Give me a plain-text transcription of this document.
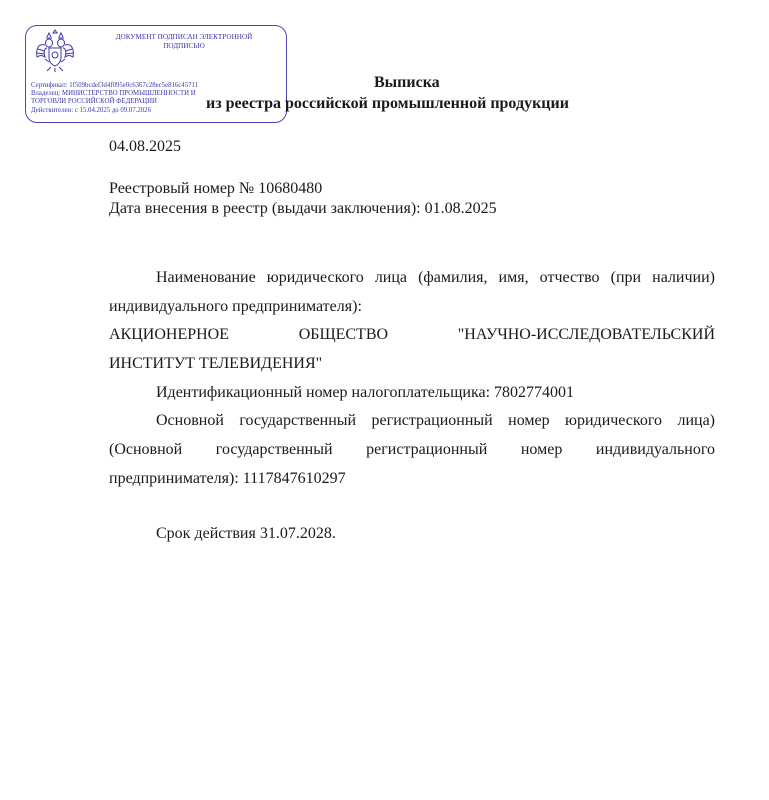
ДОКУМЕНТ ПОДПИСАН ЭЛЕКТРОННОЙ ПОДПИСЬЮ
Сертификат: 1f509bcdef3d4f095e0c6367c28ec5e816c45711
Владелец: МИНИСТЕРСТВО ПРОМЫШЛЕННОСТИ И
ТОРГОВЛИ РОССИЙСКОЙ ФЕДЕРАЦИИ
Действителен: с 15.04.2025 до 09.07.2026
Выписка
из реестра российской промышленной продукции
04.08.2025
Реестровый номер № 10680480
Дата внесения в реестр (выдачи заключения): 01.08.2025
Наименование юридического лица (фамилия, имя, отчество (при наличии) индивидуального предпринимателя):
АКЦИОНЕРНОЕ ОБЩЕСТВО "НАУЧНО-ИССЛЕДОВАТЕЛЬСКИЙ
ИНСТИТУТ ТЕЛЕВИДЕНИЯ"
Идентификационный номер налогоплательщика: 7802774001
Основной государственный регистрационный номер юридического лица) (Основной государственный регистрационный номер индивидуального предпринимателя): 1117847610297
Срок действия 31.07.2028.
